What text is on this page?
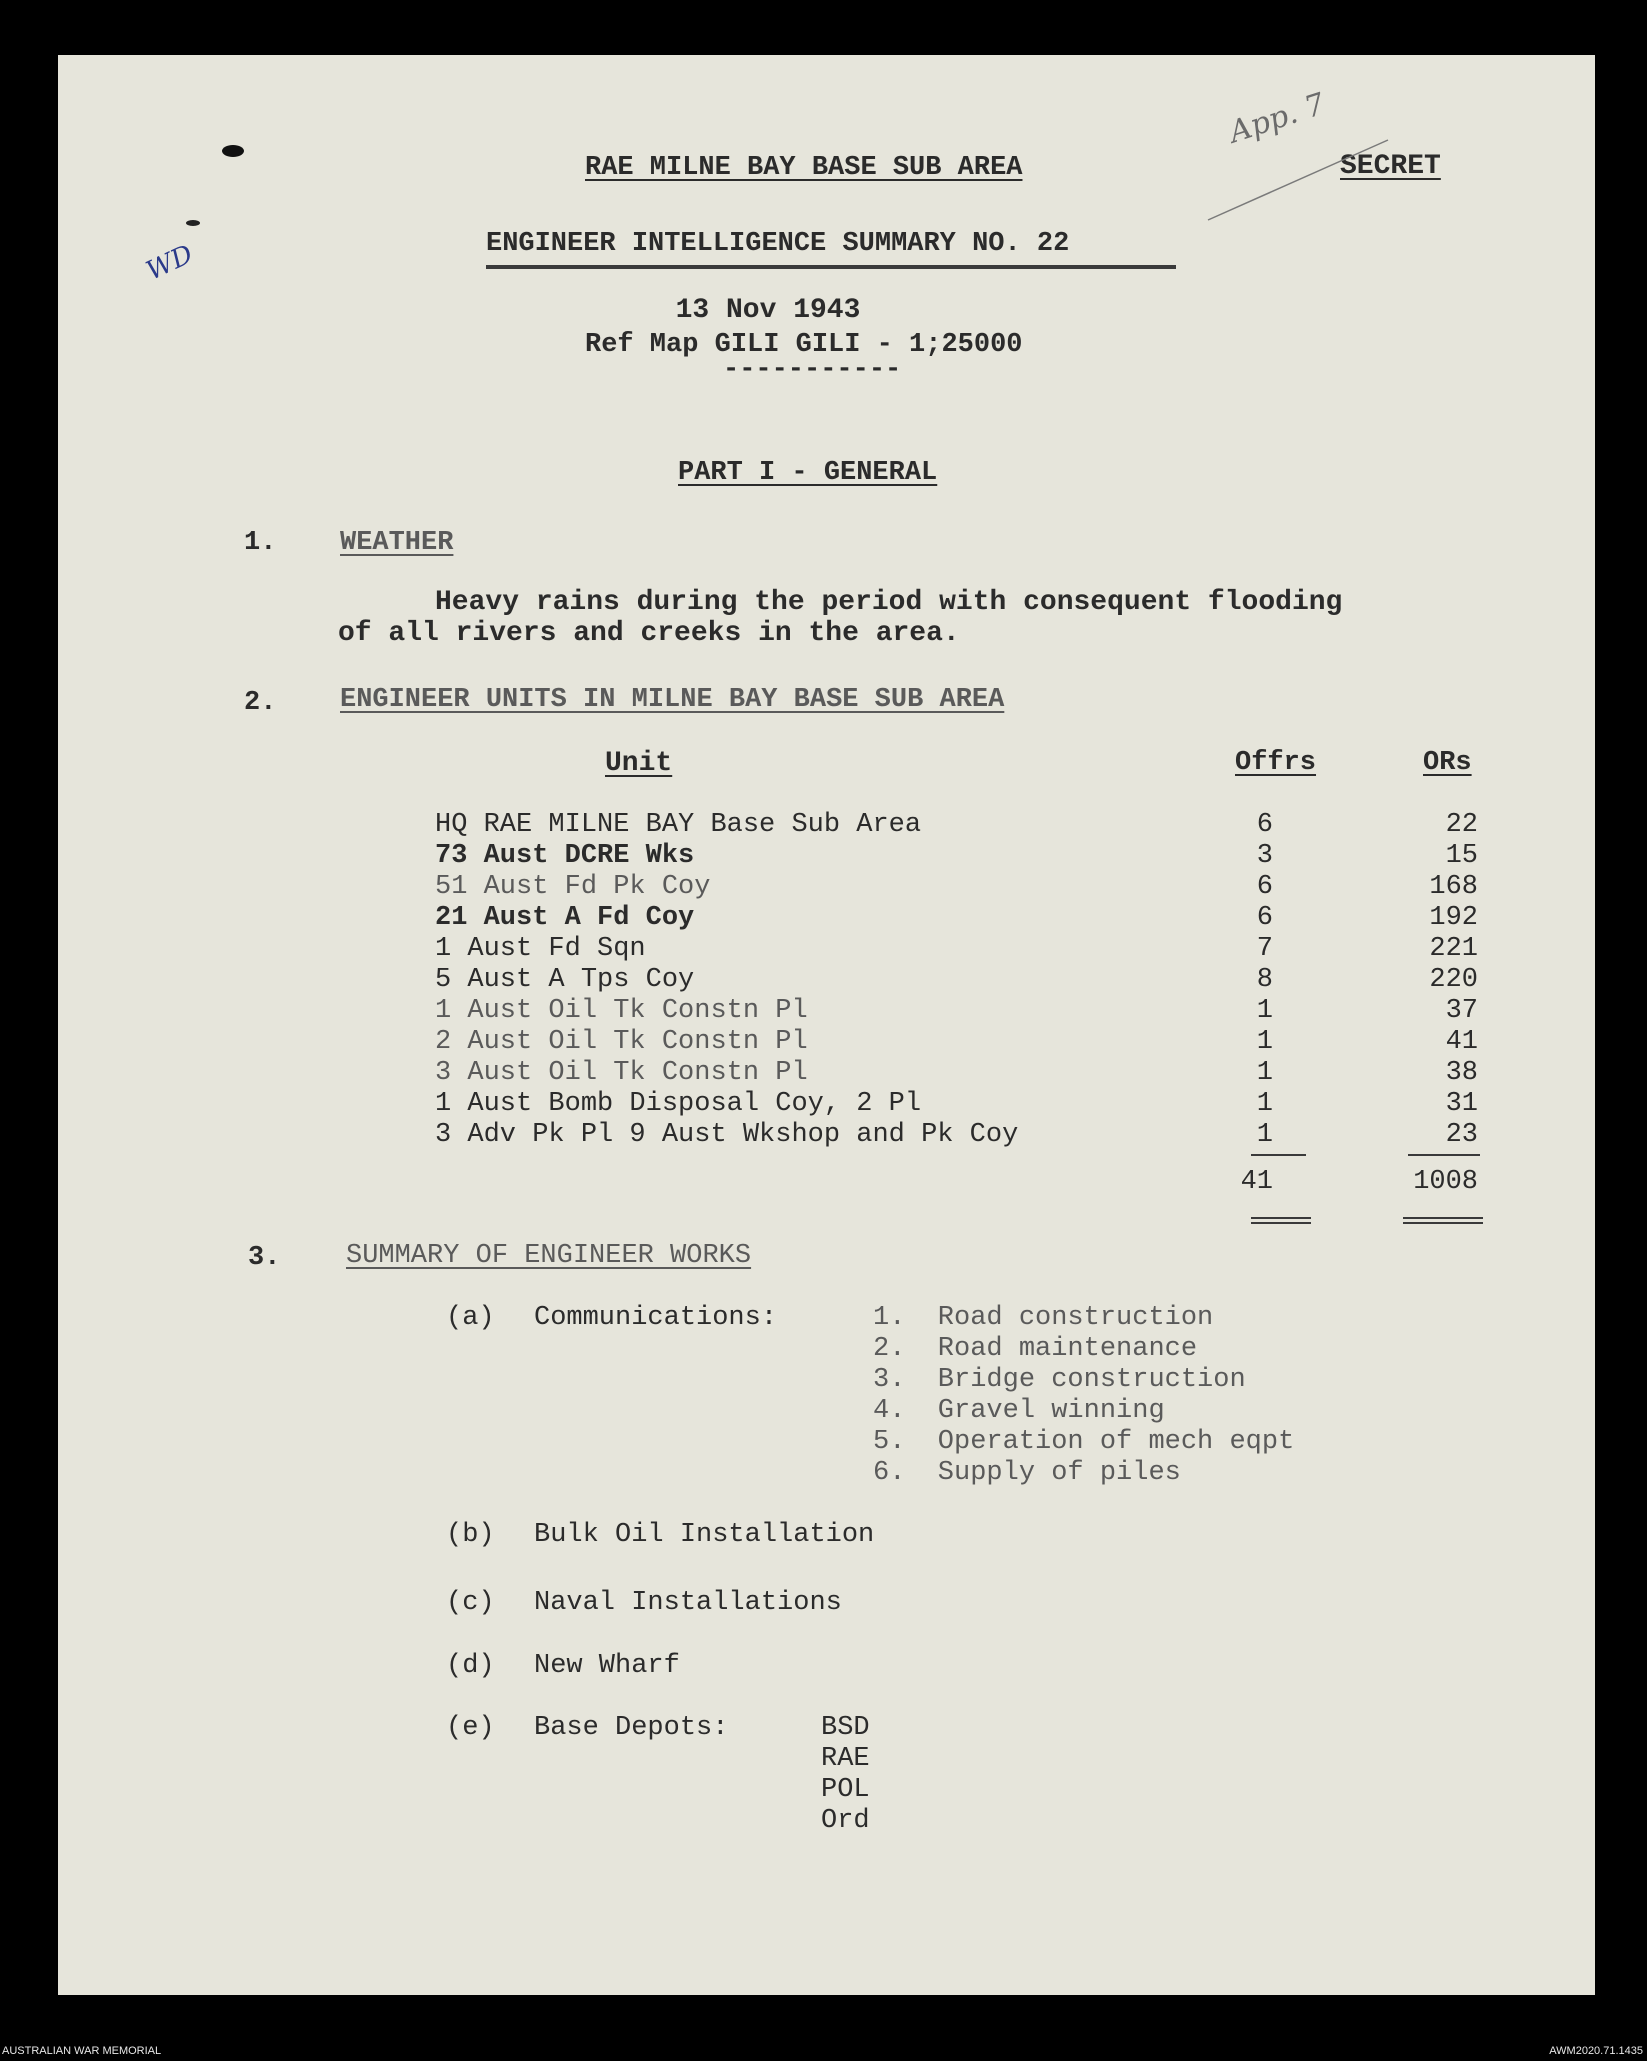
RAE MILNE BAY BASE SUB AREA	SECRET
App. 7
WD	ENGINEER INTELLIGENCE SUMMARY NO. 22
13 Nov 1943
Ref Map GILI GILI - 1;25000
-----------
PART I - GENERAL
1. WEATHER
Heavy rains during the period with consequent flooding
of all rivers and creeks in the area.
2. ENGINEER UNITS IN MILNE BAY BASE SUB AREA
Unit	Offrs	ORs
HQ RAE MILNE BAY Base Sub Area	6	22
73 Aust DCRE Wks	3	15
51 Aust Fd Pk Coy	6	168
21 Aust A Fd Coy	6	192
1 Aust Fd Sqn	7	221
5 Aust A Tps Coy	8	220
1 Aust Oil Tk Constn Pl	1	37
2 Aust Oil Tk Constn Pl	1	41
3 Aust Oil Tk Constn Pl	1	38
1 Aust Bomb Disposal Coy, 2 Pl	1	31
3 Adv Pk Pl 9 Aust Wkshop and Pk Coy	1	23
41	1008
3. SUMMARY OF ENGINEER WORKS
(a) Communications:	1.  Road construction
2.  Road maintenance
3.  Bridge construction
4.  Gravel winning
5.  Operation of mech eqpt
6.  Supply of piles
(b) Bulk Oil Installation
(c) Naval Installations
(d) New Wharf
(e) Base Depots:	BSD
RAE
POL
Ord
AUSTRALIAN WAR MEMORIAL	AWM2020.71.1435
